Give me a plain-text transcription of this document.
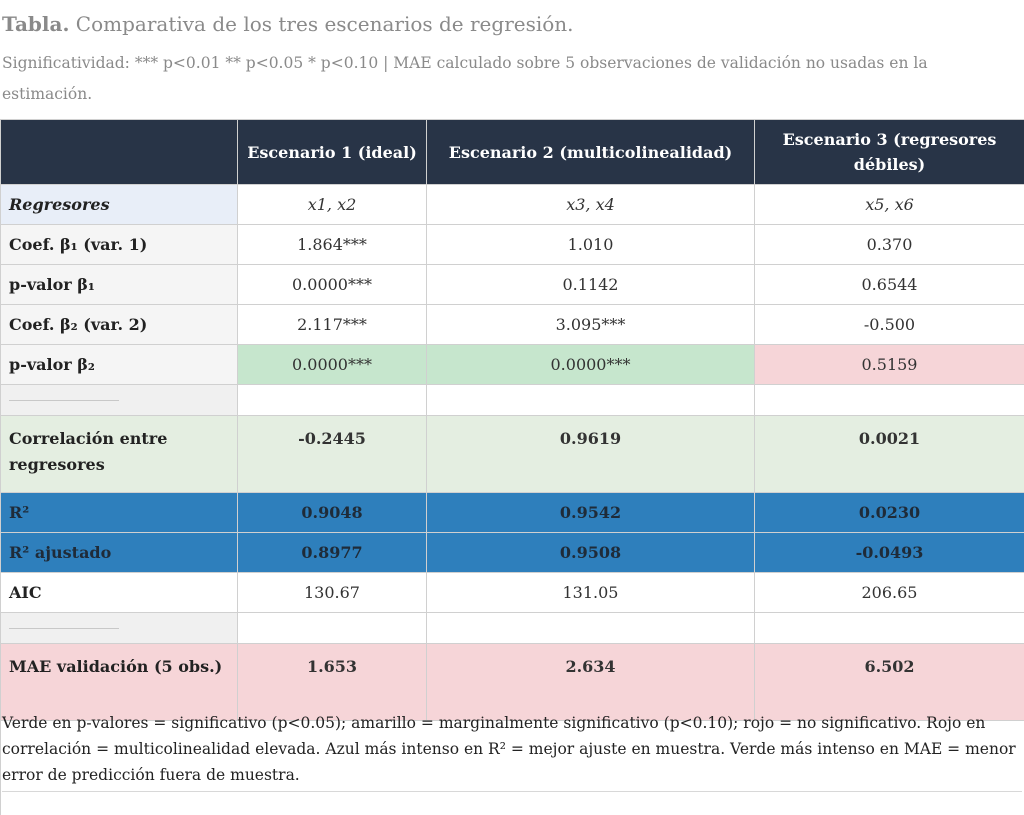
Tabla. Comparativa de los tres escenarios de regresión.
Significatividad: *** p<0.01 ** p<0.05 * p<0.10 | MAE calculado sobre 5 observaciones de validación no usadas en la estimación.
	Escenario 1 (ideal)	Escenario 2 (multicolinealidad)	Escenario 3 (regresores débiles)
Regresores	x1, x2	x3, x4	x5, x6
Coef. β₁ (var. 1)	1.864***	1.010	0.370
p-valor β₁	0.0000***	0.1142	0.6544
Coef. β₂ (var. 2)	2.117***	3.095***	-0.500
p-valor β₂	0.0000***	0.0000***	0.5159

Correlación entre regresores	-0.2445	0.9619	0.0021
R²	0.9048	0.9542	0.0230
R² ajustado	0.8977	0.9508	-0.0493
AIC	130.67	131.05	206.65

MAE validación (5 obs.)	1.653	2.634	6.502
Verde en p-valores = significativo (p<0.05); amarillo = marginalmente significativo (p<0.10); rojo = no significativo. Rojo en correlación = multicolinealidad elevada. Azul más intenso en R² = mejor ajuste en muestra. Verde más intenso en MAE = menor error de predicción fuera de muestra.
